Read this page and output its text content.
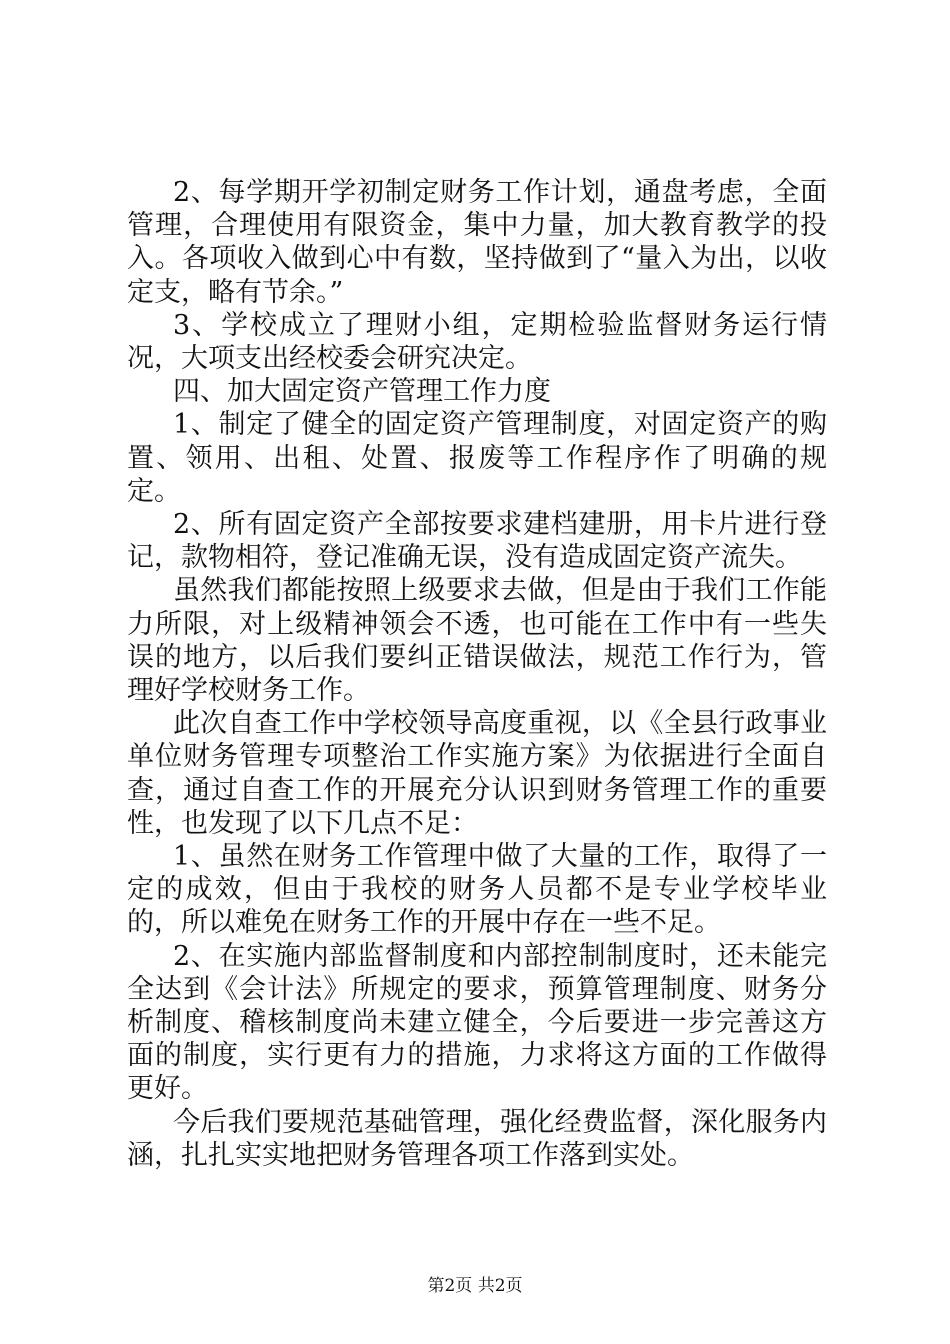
2、每学期开学初制定财务工作计划，通盘考虑，全面管理，合理使用有限资金，集中力量，加大教育教学的投入。各项收入做到心中有数，坚持做到了“量入为出，以收定支，略有节余。”

3、学校成立了理财小组，定期检验监督财务运行情况，大项支出经校委会研究决定。

四、加大固定资产管理工作力度

1、制定了健全的固定资产管理制度，对固定资产的购置、领用、出租、处置、报废等工作程序作了明确的规定。

2、所有固定资产全部按要求建档建册，用卡片进行登记，款物相符，登记准确无误，没有造成固定资产流失。

虽然我们都能按照上级要求去做，但是由于我们工作能力所限，对上级精神领会不透，也可能在工作中有一些失误的地方，以后我们要纠正错误做法，规范工作行为，管理好学校财务工作。

此次自查工作中学校领导高度重视，以《全县行政事业单位财务管理专项整治工作实施方案》为依据进行全面自查，通过自查工作的开展充分认识到财务管理工作的重要性，也发现了以下几点不足：

1、虽然在财务工作管理中做了大量的工作，取得了一定的成效，但由于我校的财务人员都不是专业学校毕业的，所以难免在财务工作的开展中存在一些不足。

2、在实施内部监督制度和内部控制制度时，还未能完全达到《会计法》所规定的要求，预算管理制度、财务分析制度、稽核制度尚未建立健全，今后要进一步完善这方面的制度，实行更有力的措施，力求将这方面的工作做得更好。

今后我们要规范基础管理，强化经费监督，深化服务内涵，扎扎实实地把财务管理各项工作落到实处。

第2页 共2页
